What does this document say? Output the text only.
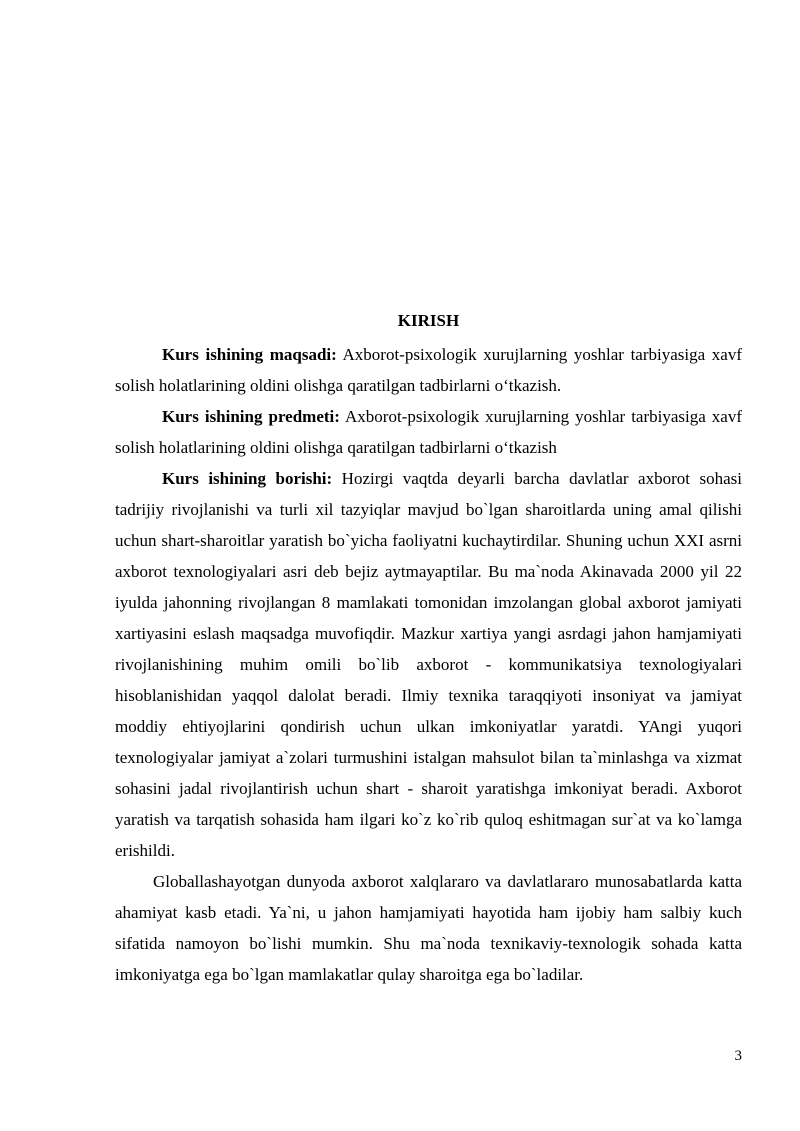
KIRISH

Kurs ishining maqsadi: Axborot-psixologik xurujlarning yoshlar tarbiyasiga xavf solish holatlarining oldini olishga qaratilgan tadbirlarni o‘tkazish.

Kurs ishining predmeti: Axborot-psixologik xurujlarning yoshlar tarbiyasiga xavf solish holatlarining oldini olishga qaratilgan tadbirlarni o‘tkazish

Kurs ishining borishi: Hozirgi vaqtda deyarli barcha davlatlar axborot sohasi tadrijiy rivojlanishi va turli xil tazyiqlar mavjud bo`lgan sharoitlarda uning amal qilishi uchun shart-sharoitlar yaratish bo`yicha faoliyatni kuchaytirdilar. Shuning uchun XXI asrni axborot texnologiyalari asri deb bejiz aytmayaptilar. Bu ma`noda Akinavada 2000 yil 22 iyulda jahonning rivojlangan 8 mamlakati tomonidan imzolangan global axborot jamiyati xartiyasini eslash maqsadga muvofiqdir. Mazkur xartiya yangi asrdagi jahon hamjamiyati rivojlanishining muhim omili bo`lib axborot - kommunikatsiya texnologiyalari hisoblanishidan yaqqol dalolat beradi. Ilmiy texnika taraqqiyoti insoniyat va jamiyat moddiy ehtiyojlarini qondirish uchun ulkan imkoniyatlar yaratdi. YAngi yuqori texnologiyalar jamiyat a`zolari turmushini istalgan mahsulot bilan ta`minlashga va xizmat sohasini jadal rivojlantirish uchun shart - sharoit yaratishga imkoniyat beradi. Axborot yaratish va tarqatish sohasida ham ilgari ko`z ko`rib quloq eshitmagan sur`at va ko`lamga erishildi.

Globallashayotgan dunyoda axborot xalqlararo va davlatlararo munosabatlarda katta ahamiyat kasb etadi. Ya`ni, u jahon hamjamiyati hayotida ham ijobiy ham salbiy kuch sifatida namoyon bo`lishi mumkin. Shu ma`noda texnikaviy-texnologik sohada katta imkoniyatga ega bo`lgan mamlakatlar qulay sharoitga ega bo`ladilar.

3
